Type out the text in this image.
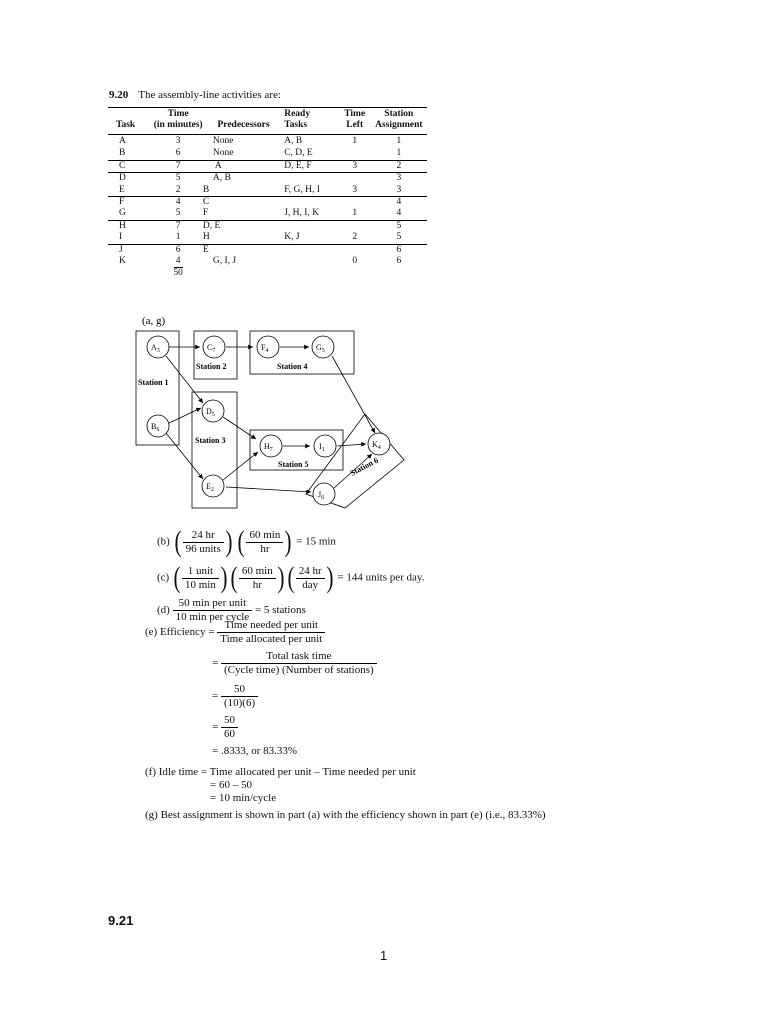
9.20 The assembly-line activities are:
	Time		Ready	Time	Station
Task	(in minutes)	Predecessors	Tasks	Left	Assignment
A	3	None	A, B	1	1
B	6	None	C, D, E		1
C	7	A	D, E, F	3	2
D	5	A, B			3
E	2	B	F, G, H, I	3	3
F	4	C			4
G	5	F	J, H, I, K	1	4
H	7	D, E			5
I	1	H	K, J	2	5
J	6	E			6
K	4	G, I, J		0	6
	50				
(a, g)
Station 1
Station 2
Station 3
Station 4
Station 5	Station 6
$A_3$
$B_6$
$C_7$
$D_5$
$E_2$
$F_4$	$G_5$
$H_7$	$I_1$
$J_6$
$K_4$
(b) ( $\frac{24 hr}{\text{96 units}}$ ) ( $\frac{60 \min}{hr}$ ) = 15 min
(c) ( $\frac{\text{1 unit}}{10 \min}$ ) ( $\frac{60 \min}{hr}$ ) ( $\frac{24 hr}{\text{day}}$ ) = 144 units per day.
$(d) \frac{\text{50 min per unit}}{\text{10 min per cycle}} = 5$ stations
(e) Efficiency = $\frac{\text{Time needed per unit}}{\text{Time allocated per unit}}$
= $\frac{\text{Total task time}}{\text{(Cycle time) (Number of stations)}}$
= $\frac{50}{(10)(6)}$
= $\frac{50}{60}$
= .8333, or 83.33%
(f) Idle time = Time allocated per unit – Time needed per unit
= 60 – 50
= 10 min/cycle
(g) Best assignment is shown in part (a) with the efficiency shown in part (e) (i.e., 83.33%)
9.21
1
